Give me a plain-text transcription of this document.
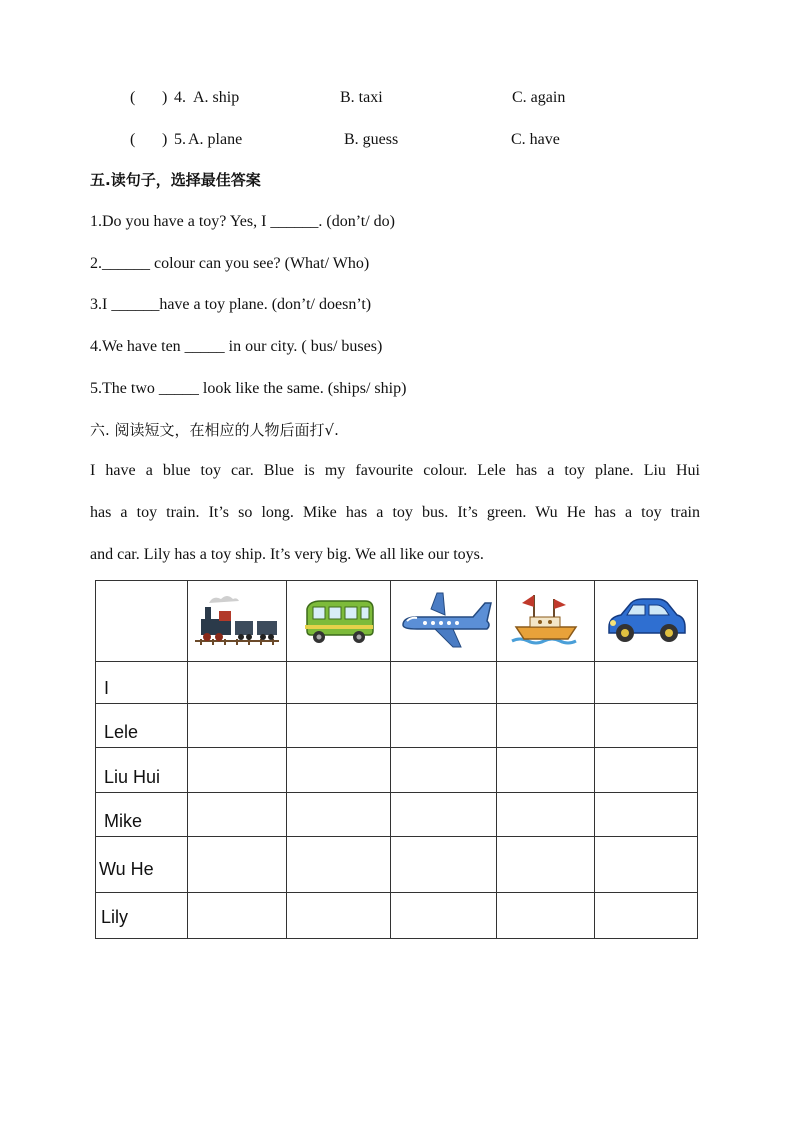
( ) 4. A. ship	B. taxi	C. again
( ) 5. A. plane	B. guess	C. have
五.读句子，选择最佳答案
1.Do you have a toy? Yes, I ______. (don’t/ do)
2.______ colour can you see? (What/ Who)
3.I ______have a toy plane. (don’t/ doesn’t)
4.We have ten _____ in our city. ( bus/ buses)
5.The two _____ look like the same. (ships/ ship)
六. 阅读短文，在相应的人物后面打√.
I have a blue toy car. Blue is my favourite colour. Lele has a toy plane. Liu Hui
has a toy train. It’s so long. Mike has a toy bus. It’s green. Wu He has a toy train
and car. Lily has a toy ship. It’s very big. We all like our toys.

I					
Lele					
Liu Hui					
Mike					
Wu He					
Lily					
